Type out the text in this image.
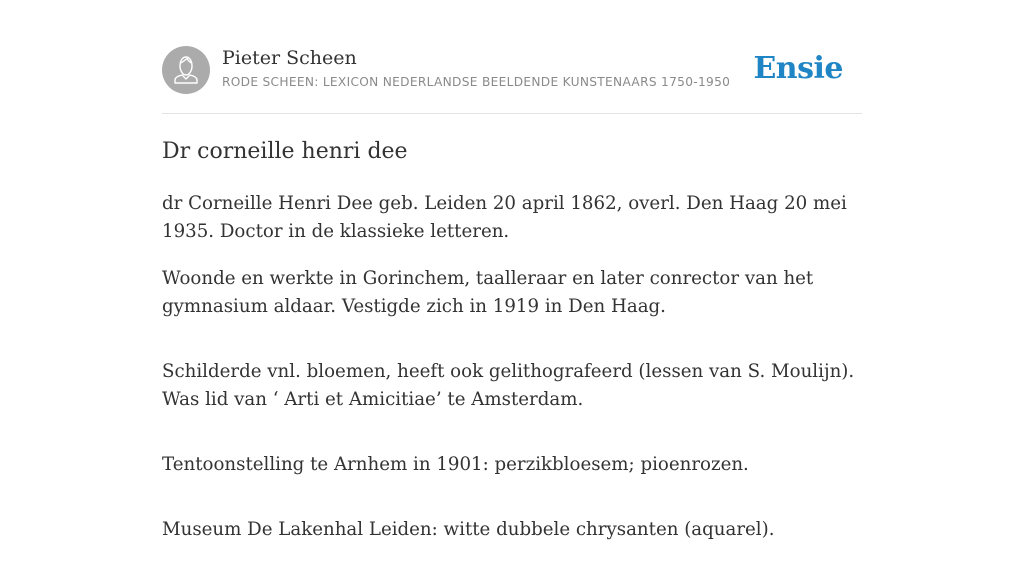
Pieter Scheen
RODE SCHEEN: LEXICON NEDERLANDSE BEELDENDE KUNSTENAARS 1750-1950 Ensie
Dr corneille henri dee

dr Corneille Henri Dee geb. Leiden 20 april 1862, overl. Den Haag 20 mei 1935. Doctor in de klassieke letteren.

Woonde en werkte in Gorinchem, taalleraar en later conrector van het gymnasium aldaar. Vestigde zich in 1919 in Den Haag.

Schilderde vnl. bloemen, heeft ook gelithografeerd (lessen van S. Moulijn). Was lid van ‘ Arti et Amicitiae’ te Amsterdam.

Tentoonstelling te Arnhem in 1901: perzikbloesem; pioenrozen.

Museum De Lakenhal Leiden: witte dubbele chrysanten (aquarel).
